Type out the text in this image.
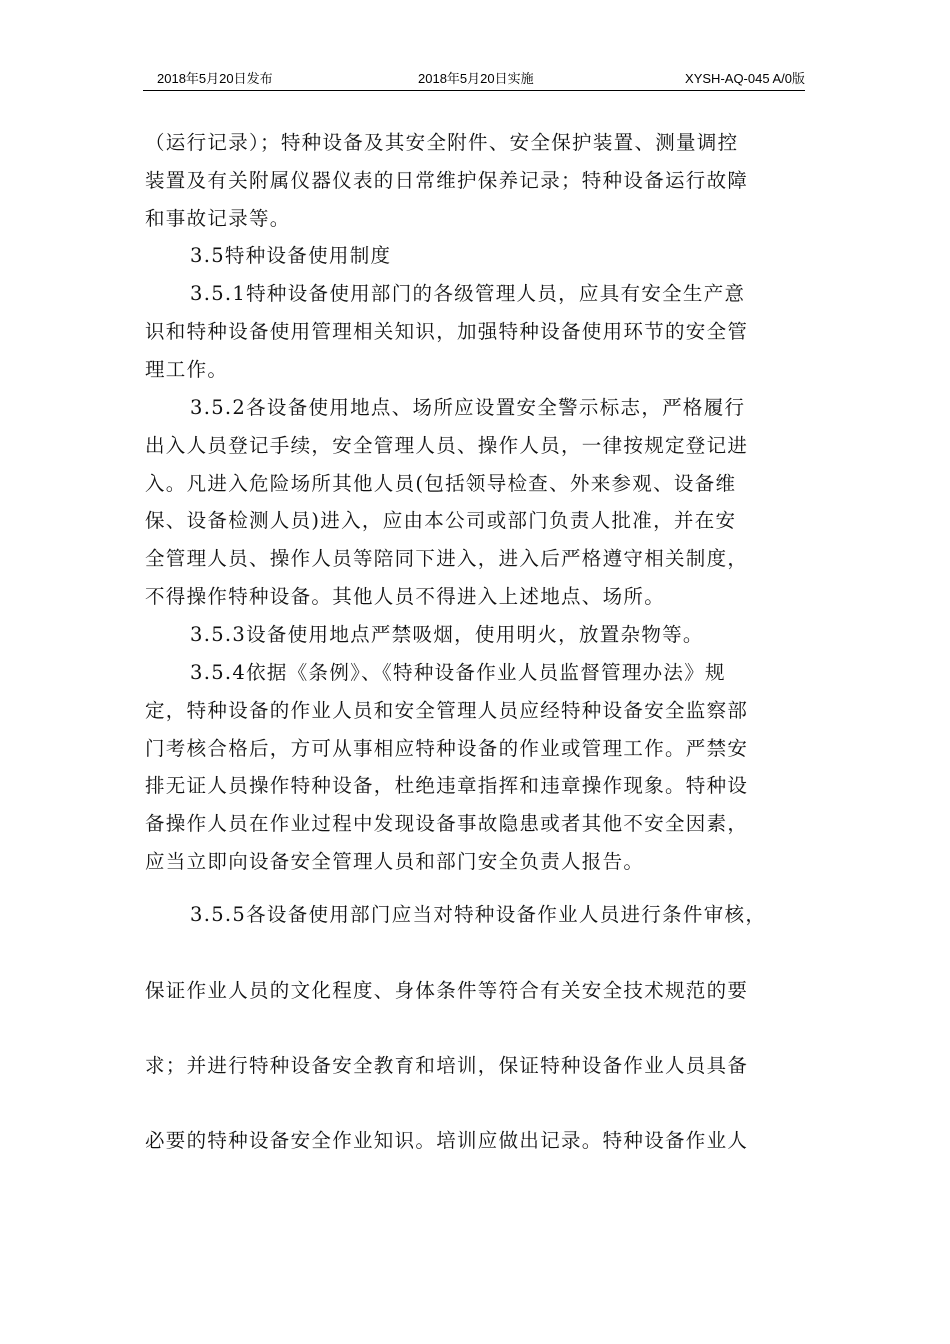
2018年5月20日发布	2018年5月20日实施	XYSH-AQ-045 A/0版
（运行记录）；特种设备及其安全附件、安全保护装置、测量调控
装置及有关附属仪器仪表的日常维护保养记录；特种设备运行故障
和事故记录等。
3.5特种设备使用制度
3.5.1特种设备使用部门的各级管理人员，应具有安全生产意
识和特种设备使用管理相关知识，加强特种设备使用环节的安全管
理工作。
3.5.2各设备使用地点、场所应设置安全警示标志，严格履行
出入人员登记手续，安全管理人员、操作人员，一律按规定登记进
入。凡进入危险场所其他人员(包括领导检查、外来参观、设备维
保、设备检测人员)进入，应由本公司或部门负责人批准，并在安
全管理人员、操作人员等陪同下进入，进入后严格遵守相关制度，
不得操作特种设备。其他人员不得进入上述地点、场所。
3.5.3设备使用地点严禁吸烟，使用明火，放置杂物等。
3.5.4依据《条例》、《特种设备作业人员监督管理办法》规
定，特种设备的作业人员和安全管理人员应经特种设备安全监察部
门考核合格后，方可从事相应特种设备的作业或管理工作。严禁安
排无证人员操作特种设备，杜绝违章指挥和违章操作现象。特种设
备操作人员在作业过程中发现设备事故隐患或者其他不安全因素，
应当立即向设备安全管理人员和部门安全负责人报告。
3.5.5各设备使用部门应当对特种设备作业人员进行条件审核，
保证作业人员的文化程度、身体条件等符合有关安全技术规范的要
求；并进行特种设备安全教育和培训，保证特种设备作业人员具备
必要的特种设备安全作业知识。培训应做出记录。特种设备作业人
